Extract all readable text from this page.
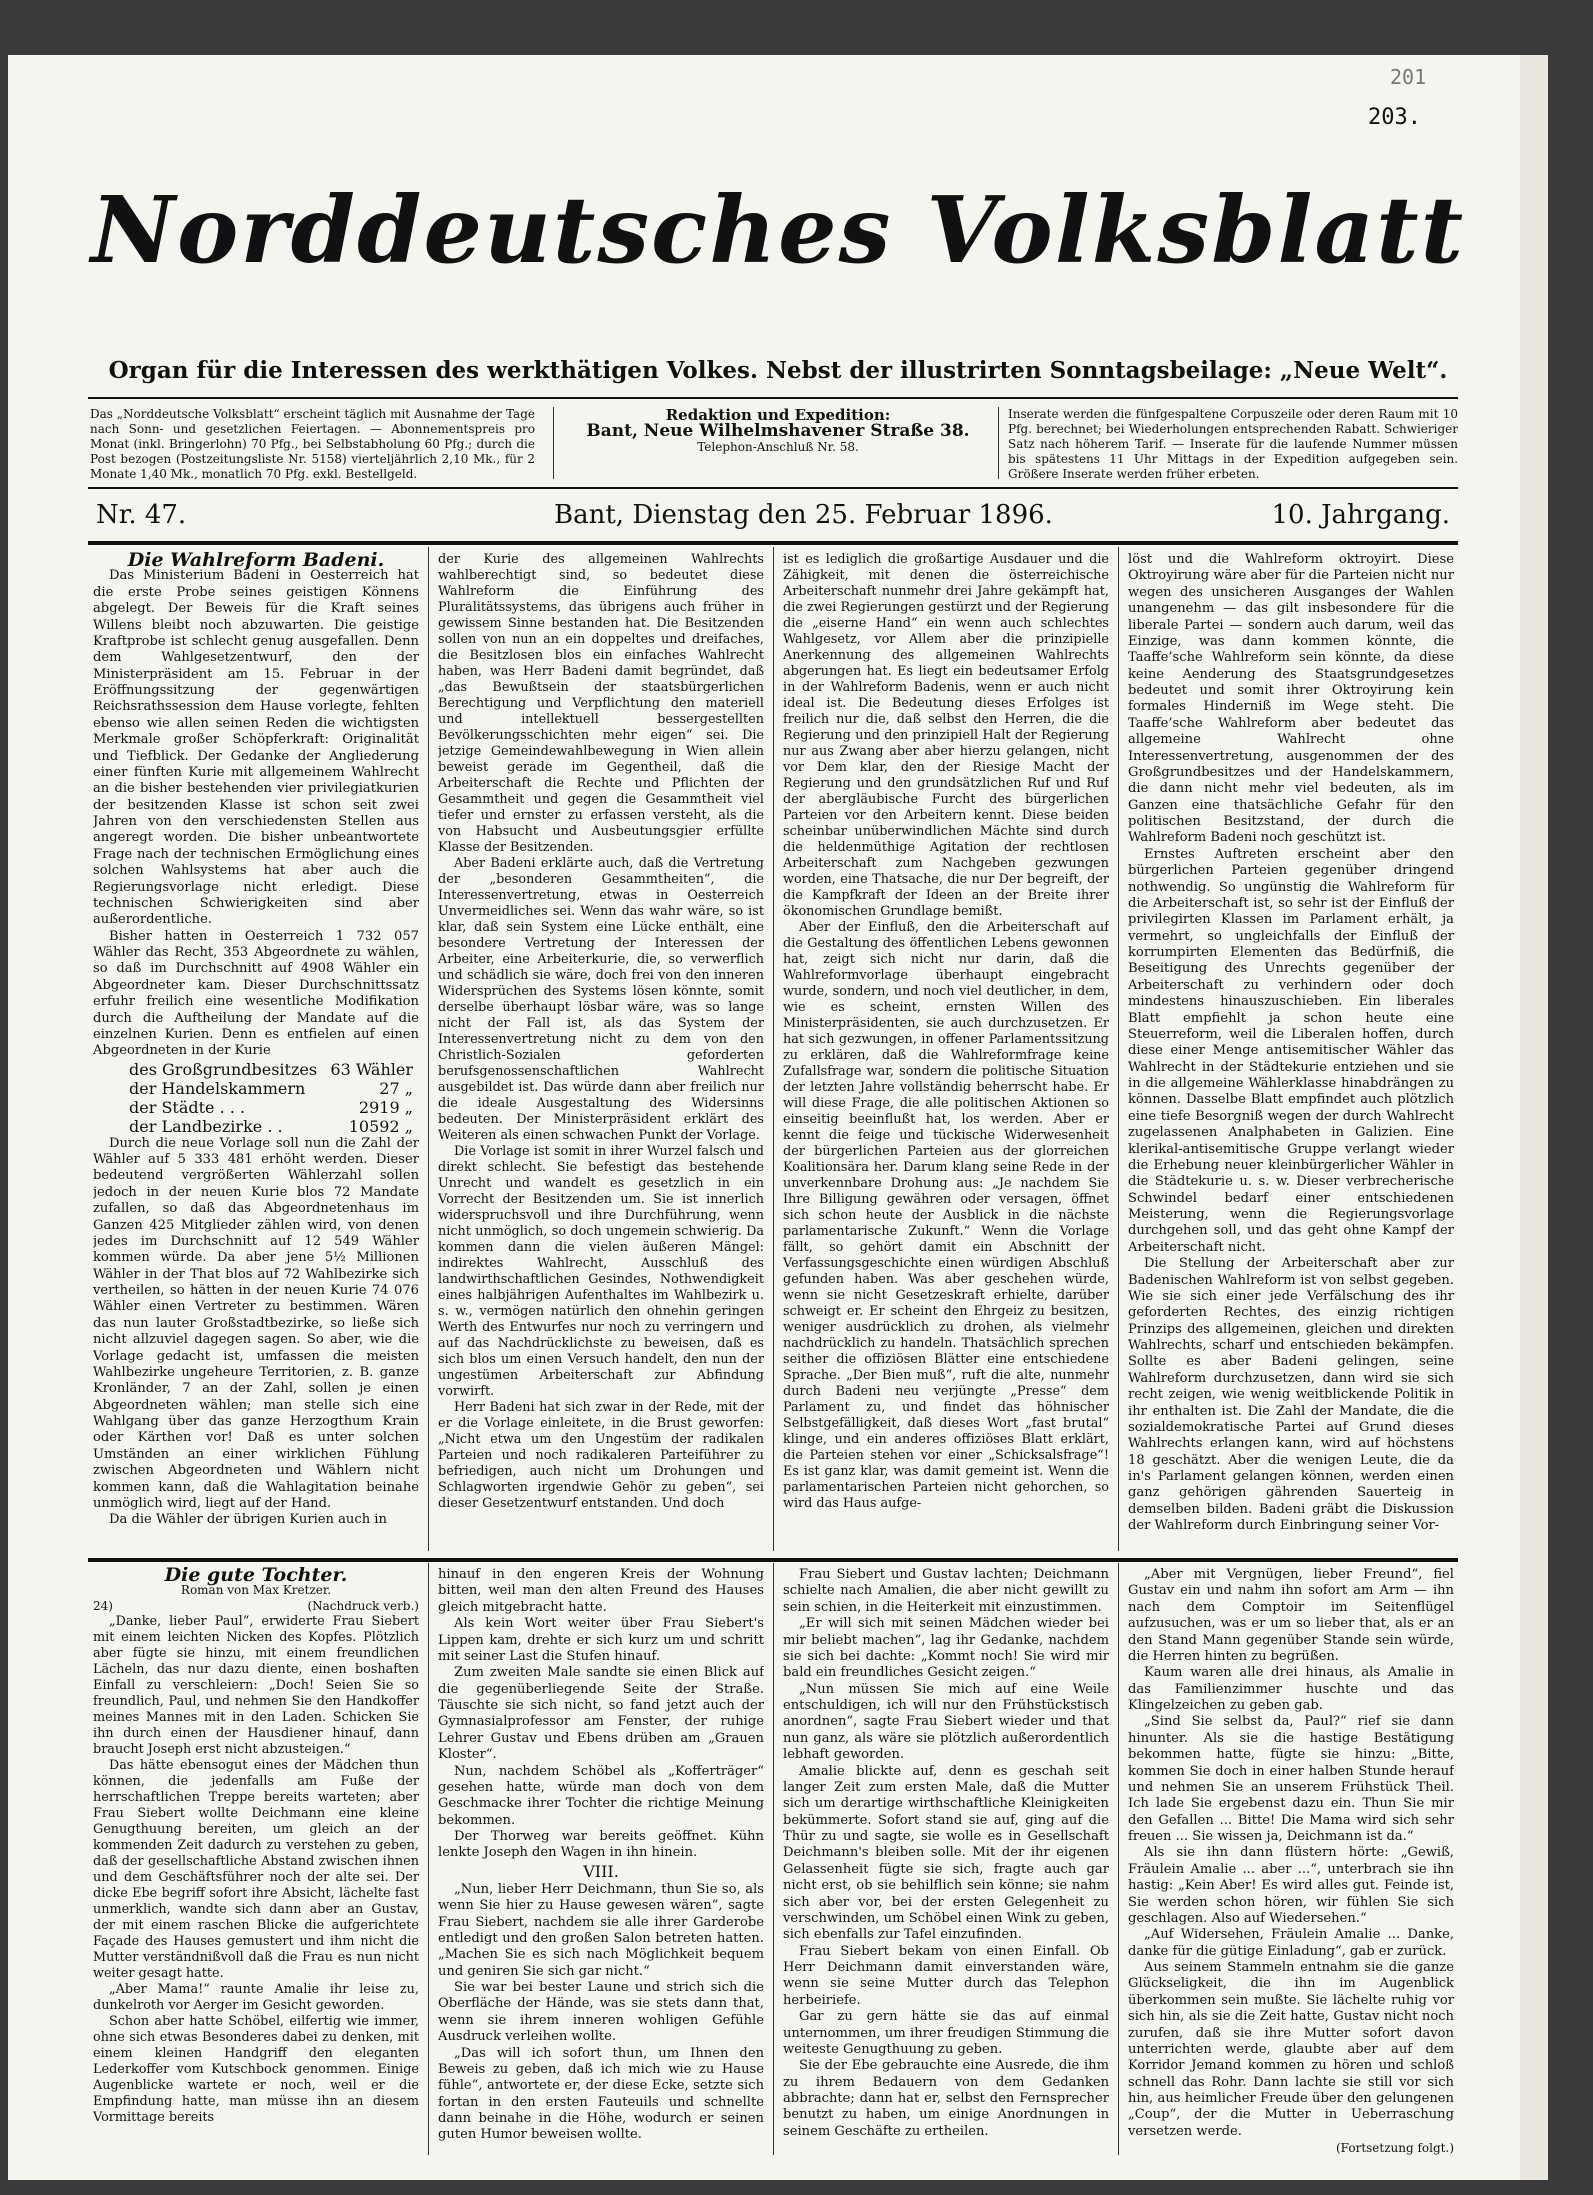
201
203.
Norddeutsches Volksblatt
Organ für die Interessen des werkthätigen Volkes. Nebst der illustrirten Sonntagsbeilage: „Neue Welt“.
Das „Norddeutsche Volksblatt“ erscheint täglich mit Ausnahme der Tage nach Sonn- und gesetzlichen Feiertagen. — Abonnementspreis pro Monat (inkl. Bringerlohn) 70 Pfg., bei Selbstabholung 60 Pfg.; durch die Post bezogen (Postzeitungsliste Nr. 5158) vierteljährlich 2,10 Mk., für 2 Monate 1,40 Mk., monatlich 70 Pfg. exkl. Bestellgeld.
Redaktion und Expedition:
Bant, Neue Wilhelmshavener Straße 38.
Telephon-Anschluß Nr. 58.
Inserate werden die fünfgespaltene Corpuszeile oder deren Raum mit 10 Pfg. berechnet; bei Wiederholungen entsprechenden Rabatt. Schwieriger Satz nach höherem Tarif. — Inserate für die laufende Nummer müssen bis spätestens 11 Uhr Mittags in der Expedition aufgegeben sein. Größere Inserate werden früher erbeten.
Nr. 47.	Bant, Dienstag den 25. Februar 1896.	10. Jahrgang.

Die Wahlreform Badeni.

Das Ministerium Badeni in Oesterreich hat die erste Probe seines geistigen Könnens abgelegt. Der Beweis für die Kraft seines Willens bleibt noch abzuwarten. Die geistige Kraftprobe ist schlecht genug ausgefallen. Denn dem Wahlgesetzentwurf, den der Ministerpräsident am 15. Februar in der Eröffnungssitzung der gegenwärtigen Reichsrathssession dem Hause vorlegte, fehlten ebenso wie allen seinen Reden die wichtigsten Merkmale großer Schöpferkraft: Originalität und Tiefblick. Der Gedanke der Angliederung einer fünften Kurie mit allgemeinem Wahlrecht an die bisher bestehenden vier privilegiatkurien der besitzenden Klasse ist schon seit zwei Jahren von den verschiedensten Stellen aus angeregt worden. Die bisher unbeantwortete Frage nach der technischen Ermöglichung eines solchen Wahlsystems hat aber auch die Regierungsvorlage nicht erledigt. Diese technischen Schwierigkeiten sind aber außerordentliche.

Bisher hatten in Oesterreich 1 732 057 Wähler das Recht, 353 Abgeordnete zu wählen, so daß im Durchschnitt auf 4908 Wähler ein Abgeordneter kam. Dieser Durchschnittssatz erfuhr freilich eine wesentliche Modifikation durch die Auftheilung der Mandate auf die einzelnen Kurien. Denn es entfielen auf einen Abgeordneten in der Kurie

des Großgrundbesitzes	63 Wähler
der Handelskammern	27 „
der Städte . . .	2919 „
der Landbezirke . .	10592 „

Durch die neue Vorlage soll nun die Zahl der Wähler auf 5 333 481 erhöht werden. Dieser bedeutend vergrößerten Wählerzahl sollen jedoch in der neuen Kurie blos 72 Mandate zufallen, so daß das Abgeordnetenhaus im Ganzen 425 Mitglieder zählen wird, von denen jedes im Durchschnitt auf 12 549 Wähler kommen würde. Da aber jene 5½ Millionen Wähler in der That blos auf 72 Wahlbezirke sich vertheilen, so hätten in der neuen Kurie 74 076 Wähler einen Vertreter zu bestimmen. Wären das nun lauter Großstadtbezirke, so ließe sich nicht allzuviel dagegen sagen. So aber, wie die Vorlage gedacht ist, umfassen die meisten Wahlbezirke ungeheure Territorien, z. B. ganze Kronländer, 7 an der Zahl, sollen je einen Abgeordneten wählen; man stelle sich eine Wahlgang über das ganze Herzogthum Krain oder Kärthen vor! Daß es unter solchen Umständen an einer wirklichen Fühlung zwischen Abgeordneten und Wählern nicht kommen kann, daß die Wahlagitation beinahe unmöglich wird, liegt auf der Hand.

Da die Wähler der übrigen Kurien auch in

der Kurie des allgemeinen Wahlrechts wahlberechtigt sind, so bedeutet diese Wahlreform die Einführung des Pluralitätssystems, das übrigens auch früher in gewissem Sinne bestanden hat. Die Besitzenden sollen von nun an ein doppeltes und dreifaches, die Besitzlosen blos ein einfaches Wahlrecht haben, was Herr Badeni damit begründet, daß „das Bewußtsein der staatsbürgerlichen Berechtigung und Verpflichtung den materiell und intellektuell bessergestellten Bevölkerungsschichten mehr eigen“ sei. Die jetzige Gemeindewahlbewegung in Wien allein beweist gerade im Gegentheil, daß die Arbeiterschaft die Rechte und Pflichten der Gesammtheit und gegen die Gesammtheit viel tiefer und ernster zu erfassen versteht, als die von Habsucht und Ausbeutungsgier erfüllte Klasse der Besitzenden.

Aber Badeni erklärte auch, daß die Vertretung der „besonderen Gesammtheiten“, die Interessenvertretung, etwas in Oesterreich Unvermeidliches sei. Wenn das wahr wäre, so ist klar, daß sein System eine Lücke enthält, eine besondere Vertretung der Interessen der Arbeiter, eine Arbeiterkurie, die, so verwerflich und schädlich sie wäre, doch frei von den inneren Widersprüchen des Systems lösen könnte, somit derselbe überhaupt lösbar wäre, was so lange nicht der Fall ist, als das System der Interessenvertretung nicht zu dem von den Christlich-Sozialen geforderten berufsgenossenschaftlichen Wahlrecht ausgebildet ist. Das würde dann aber freilich nur die ideale Ausgestaltung des Widersinns bedeuten. Der Ministerpräsident erklärt des Weiteren als einen schwachen Punkt der Vorlage.

Die Vorlage ist somit in ihrer Wurzel falsch und direkt schlecht. Sie befestigt das bestehende Unrecht und wandelt es gesetzlich in ein Vorrecht der Besitzenden um. Sie ist innerlich widerspruchsvoll und ihre Durchführung, wenn nicht unmöglich, so doch ungemein schwierig. Da kommen dann die vielen äußeren Mängel: indirektes Wahlrecht, Ausschluß des landwirthschaftlichen Gesindes, Nothwendigkeit eines halbjährigen Aufenthaltes im Wahlbezirk u. s. w., vermögen natürlich den ohnehin geringen Werth des Entwurfes nur noch zu verringern und auf das Nachdrücklichste zu beweisen, daß es sich blos um einen Versuch handelt, den nun der ungestümen Arbeiterschaft zur Abfindung vorwirft.

Herr Badeni hat sich zwar in der Rede, mit der er die Vorlage einleitete, in die Brust geworfen: „Nicht etwa um den Ungestüm der radikalen Parteien und noch radikaleren Parteiführer zu befriedigen, auch nicht um Drohungen und Schlagworten irgendwie Gehör zu geben“, sei dieser Gesetzentwurf entstanden. Und doch

ist es lediglich die großartige Ausdauer und die Zähigkeit, mit denen die österreichische Arbeiterschaft nunmehr drei Jahre gekämpft hat, die zwei Regierungen gestürzt und der Regierung die „eiserne Hand“ ein wenn auch schlechtes Wahlgesetz, vor Allem aber die prinzipielle Anerkennung des allgemeinen Wahlrechts abgerungen hat. Es liegt ein bedeutsamer Erfolg in der Wahlreform Badenis, wenn er auch nicht ideal ist. Die Bedeutung dieses Erfolges ist freilich nur die, daß selbst den Herren, die die Regierung und den prinzipiell Halt der Regierung nur aus Zwang aber aber hierzu gelangen, nicht vor Dem klar, den der Riesige Macht der Regierung und den grundsätzlichen Ruf und Ruf der abergläubische Furcht des bürgerlichen Parteien vor den Arbeitern kennt. Diese beiden scheinbar unüberwindlichen Mächte sind durch die heldenmüthige Agitation der rechtlosen Arbeiterschaft zum Nachgeben gezwungen worden, eine Thatsache, die nur Der begreift, der die Kampfkraft der Ideen an der Breite ihrer ökonomischen Grundlage bemißt.

Aber der Einfluß, den die Arbeiterschaft auf die Gestaltung des öffentlichen Lebens gewonnen hat, zeigt sich nicht nur darin, daß die Wahlreformvorlage überhaupt eingebracht wurde, sondern, und noch viel deutlicher, in dem, wie es scheint, ernsten Willen des Ministerpräsidenten, sie auch durchzusetzen. Er hat sich gezwungen, in offener Parlamentssitzung zu erklären, daß die Wahlreformfrage keine Zufallsfrage war, sondern die politische Situation der letzten Jahre vollständig beherrscht habe. Er will diese Frage, die alle politischen Aktionen so einseitig beeinflußt hat, los werden. Aber er kennt die feige und tückische Widerwesenheit der bürgerlichen Parteien aus der glorreichen Koalitionsära her. Darum klang seine Rede in der unverkennbare Drohung aus: „Je nachdem Sie Ihre Billigung gewähren oder versagen, öffnet sich schon heute der Ausblick in die nächste parlamentarische Zukunft.“ Wenn die Vorlage fällt, so gehört damit ein Abschnitt der Verfassungsgeschichte einen würdigen Abschluß gefunden haben. Was aber geschehen würde, wenn sie nicht Gesetzeskraft erhielte, darüber schweigt er. Er scheint den Ehrgeiz zu besitzen, weniger ausdrücklich zu drohen, als vielmehr nachdrücklich zu handeln. Thatsächlich sprechen seither die offiziösen Blätter eine entschiedene Sprache. „Der Bien muß“, ruft die alte, nunmehr durch Badeni neu verjüngte „Presse“ dem Parlament zu, und findet das höhnischer Selbstgefälligkeit, daß dieses Wort „fast brutal“ klinge, und ein anderes offiziöses Blatt erklärt, die Parteien stehen vor einer „Schicksalsfrage“! Es ist ganz klar, was damit gemeint ist. Wenn die parlamentarischen Parteien nicht gehorchen, so wird das Haus aufge-

löst und die Wahlreform oktroyirt. Diese Oktroyirung wäre aber für die Parteien nicht nur wegen des unsicheren Ausganges der Wahlen unangenehm — das gilt insbesondere für die liberale Partei — sondern auch darum, weil das Einzige, was dann kommen könnte, die Taaffe’sche Wahlreform sein könnte, da diese keine Aenderung des Staatsgrundgesetzes bedeutet und somit ihrer Oktroyirung kein formales Hinderniß im Wege steht. Die Taaffe’sche Wahlreform aber bedeutet das allgemeine Wahlrecht ohne Interessenvertretung, ausgenommen der des Großgrundbesitzes und der Handelskammern, die dann nicht mehr viel bedeuten, als im Ganzen eine thatsächliche Gefahr für den politischen Besitzstand, der durch die Wahlreform Badeni noch geschützt ist.

Ernstes Auftreten erscheint aber den bürgerlichen Parteien gegenüber dringend nothwendig. So ungünstig die Wahlreform für die Arbeiterschaft ist, so sehr ist der Einfluß der privilegirten Klassen im Parlament erhält, ja vermehrt, so ungleichfalls der Einfluß der korrumpirten Elementen das Bedürfniß, die Beseitigung des Unrechts gegenüber der Arbeiterschaft zu verhindern oder doch mindestens hinauszuschieben. Ein liberales Blatt empfiehlt ja schon heute eine Steuerreform, weil die Liberalen hoffen, durch diese einer Menge antisemitischer Wähler das Wahlrecht in der Städtekurie entziehen und sie in die allgemeine Wählerklasse hinabdrängen zu können. Dasselbe Blatt empfindet auch plötzlich eine tiefe Besorgniß wegen der durch Wahlrecht zugelassenen Analphabeten in Galizien. Eine klerikal-antisemitische Gruppe verlangt wieder die Erhebung neuer kleinbürgerlicher Wähler in die Städtekurie u. s. w. Dieser verbrecherische Schwindel bedarf einer entschiedenen Meisterung, wenn die Regierungsvorlage durchgehen soll, und das geht ohne Kampf der Arbeiterschaft nicht.

Die Stellung der Arbeiterschaft aber zur Badenischen Wahlreform ist von selbst gegeben. Wie sie sich einer jede Verfälschung des ihr geforderten Rechtes, des einzig richtigen Prinzips des allgemeinen, gleichen und direkten Wahlrechts, scharf und entschieden bekämpfen. Sollte es aber Badeni gelingen, seine Wahlreform durchzusetzen, dann wird sie sich recht zeigen, wie wenig weitblickende Politik in ihr enthalten ist. Die Zahl der Mandate, die die sozialdemokratische Partei auf Grund dieses Wahlrechts erlangen kann, wird auf höchstens 18 geschätzt. Aber die wenigen Leute, die da in's Parlament gelangen können, werden einen ganz gehörigen gährenden Sauerteig in demselben bilden. Badeni gräbt die Diskussion der Wahlreform durch Einbringung seiner Vor-

Die gute Tochter.

Roman von Max Kretzer.

24)	(Nachdruck verb.)

„Danke, lieber Paul“, erwiderte Frau Siebert mit einem leichten Nicken des Kopfes. Plötzlich aber fügte sie hinzu, mit einem freundlichen Lächeln, das nur dazu diente, einen boshaften Einfall zu verschleiern: „Doch! Seien Sie so freundlich, Paul, und nehmen Sie den Handkoffer meines Mannes mit in den Laden. Schicken Sie ihn durch einen der Hausdiener hinauf, dann braucht Joseph erst nicht abzusteigen.“

Das hätte ebensogut eines der Mädchen thun können, die jedenfalls am Fuße der herrschaftlichen Treppe bereits warteten; aber Frau Siebert wollte Deichmann eine kleine Genugthuung bereiten, um gleich an der kommenden Zeit dadurch zu verstehen zu geben, daß der gesellschaftliche Abstand zwischen ihnen und dem Geschäftsführer noch der alte sei. Der dicke Ebe begriff sofort ihre Absicht, lächelte fast unmerklich, wandte sich dann aber an Gustav, der mit einem raschen Blicke die aufgerichtete Façade des Hauses gemustert und ihm nicht die Mutter verständnißvoll daß die Frau es nun nicht weiter gesagt hatte.

„Aber Mama!“ raunte Amalie ihr leise zu, dunkelroth vor Aerger im Gesicht geworden.

Schon aber hatte Schöbel, eilfertig wie immer, ohne sich etwas Besonderes dabei zu denken, mit einem kleinen Handgriff den eleganten Lederkoffer vom Kutschbock genommen. Einige Augenblicke wartete er noch, weil er die Empfindung hatte, man müsse ihn an diesem Vormittage bereits

hinauf in den engeren Kreis der Wohnung bitten, weil man den alten Freund des Hauses gleich mitgebracht hatte.

Als kein Wort weiter über Frau Siebert's Lippen kam, drehte er sich kurz um und schritt mit seiner Last die Stufen hinauf.

Zum zweiten Male sandte sie einen Blick auf die gegenüberliegende Seite der Straße. Täuschte sie sich nicht, so fand jetzt auch der Gymnasialprofessor am Fenster, der ruhige Lehrer Gustav und Ebens drüben am „Grauen Kloster“.

Nun, nachdem Schöbel als „Kofferträger“ gesehen hatte, würde man doch von dem Geschmacke ihrer Tochter die richtige Meinung bekommen.

Der Thorweg war bereits geöffnet. Kühn lenkte Joseph den Wagen in ihn hinein.

VIII.

„Nun, lieber Herr Deichmann, thun Sie so, als wenn Sie hier zu Hause gewesen wären“, sagte Frau Siebert, nachdem sie alle ihrer Garderobe entledigt und den großen Salon betreten hatten. „Machen Sie es sich nach Möglichkeit bequem und geniren Sie sich gar nicht.“

Sie war bei bester Laune und strich sich die Oberfläche der Hände, was sie stets dann that, wenn sie ihrem inneren wohligen Gefühle Ausdruck verleihen wollte.

„Das will ich sofort thun, um Ihnen den Beweis zu geben, daß ich mich wie zu Hause fühle“, antwortete er, der diese Ecke, setzte sich fortan in den ersten Fauteuils und schnellte dann beinahe in die Höhe, wodurch er seinen guten Humor beweisen wollte.

Frau Siebert und Gustav lachten; Deichmann schielte nach Amalien, die aber nicht gewillt zu sein schien, in die Heiterkeit mit einzustimmen.

„Er will sich mit seinen Mädchen wieder bei mir beliebt machen“, lag ihr Gedanke, nachdem sie sich bei dachte: „Kommt noch! Sie wird mir bald ein freundliches Gesicht zeigen.“

„Nun müssen Sie mich auf eine Weile entschuldigen, ich will nur den Frühstückstisch anordnen“, sagte Frau Siebert wieder und that nun ganz, als wäre sie plötzlich außerordentlich lebhaft geworden.

Amalie blickte auf, denn es geschah seit langer Zeit zum ersten Male, daß die Mutter sich um derartige wirthschaftliche Kleinigkeiten bekümmerte. Sofort stand sie auf, ging auf die Thür zu und sagte, sie wolle es in Gesellschaft Deichmann's bleiben solle. Mit der ihr eigenen Gelassenheit fügte sie sich, fragte auch gar nicht erst, ob sie behilflich sein könne; sie nahm sich aber vor, bei der ersten Gelegenheit zu verschwinden, um Schöbel einen Wink zu geben, sich ebenfalls zur Tafel einzufinden.

Frau Siebert bekam von einen Einfall. Ob Herr Deichmann damit einverstanden wäre, wenn sie seine Mutter durch das Telephon herbeiriefe.

Gar zu gern hätte sie das auf einmal unternommen, um ihrer freudigen Stimmung die weiteste Genugthuung zu geben.

Sie der Ebe gebrauchte eine Ausrede, die ihm zu ihrem Bedauern von dem Gedanken abbrachte; dann hat er, selbst den Fernsprecher benutzt zu haben, um einige Anordnungen in seinem Geschäfte zu ertheilen.

„Aber mit Vergnügen, lieber Freund“, fiel Gustav ein und nahm ihn sofort am Arm — ihn nach dem Comptoir im Seitenflügel aufzusuchen, was er um so lieber that, als er an den Stand Mann gegenüber Stande sein würde, die Herren hinten zu begrüßen.

Kaum waren alle drei hinaus, als Amalie in das Familienzimmer huschte und das Klingelzeichen zu geben gab.

„Sind Sie selbst da, Paul?“ rief sie dann hinunter. Als sie die hastige Bestätigung bekommen hatte, fügte sie hinzu: „Bitte, kommen Sie doch in einer halben Stunde herauf und nehmen Sie an unserem Frühstück Theil. Ich lade Sie ergebenst dazu ein. Thun Sie mir den Gefallen ... Bitte! Die Mama wird sich sehr freuen ... Sie wissen ja, Deichmann ist da.“

Als sie ihn dann flüstern hörte: „Gewiß, Fräulein Amalie ... aber ...“, unterbrach sie ihn hastig: „Kein Aber! Es wird alles gut. Feinde ist, Sie werden schon hören, wir fühlen Sie sich geschlagen. Also auf Wiedersehen.“

„Auf Widersehen, Fräulein Amalie ... Danke, danke für die gütige Einladung“, gab er zurück.

Aus seinem Stammeln entnahm sie die ganze Glückseligkeit, die ihn im Augenblick überkommen sein mußte. Sie lächelte ruhig vor sich hin, als sie die Zeit hatte, Gustav nicht noch zurufen, daß sie ihre Mutter sofort davon unterrichten werde, glaubte aber auf dem Korridor Jemand kommen zu hören und schloß schnell das Rohr. Dann lachte sie still vor sich hin, aus heimlicher Freude über den gelungenen „Coup“, der die Mutter in Ueberraschung versetzen werde.

(Fortsetzung folgt.)
